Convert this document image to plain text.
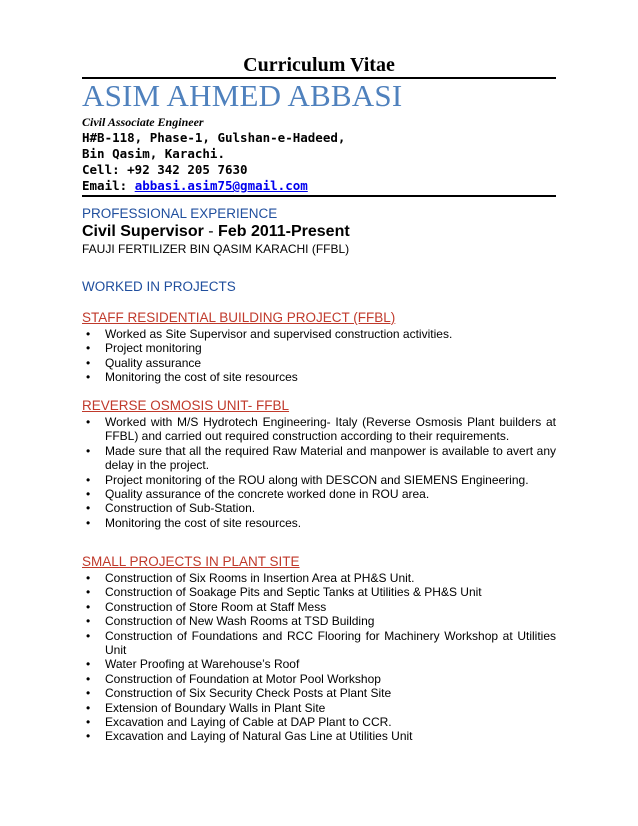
Curriculum Vitae
ASIM AHMED ABBASI
Civil Associate Engineer
H#B-118, Phase-1, Gulshan-e-Hadeed,
Bin Qasim, Karachi.
Cell: +92 342 205 7630
Email: abbasi.asim75@gmail.com
PROFESSIONAL EXPERIENCE
Civil Supervisor - Feb 2011-Present
FAUJI FERTILIZER BIN QASIM KARACHI (FFBL)
WORKED IN PROJECTS
STAFF RESIDENTIAL BUILDING PROJECT (FFBL)
• Worked as Site Supervisor and supervised construction activities.
• Project monitoring
• Quality assurance
• Monitoring the cost of site resources
REVERSE OSMOSIS UNIT- FFBL
• Worked with M/S Hydrotech Engineering- Italy (Reverse Osmosis Plant builders at FFBL) and carried out required construction according to their requirements.
• Made sure that all the required Raw Material and manpower is available to avert any delay in the project.
• Project monitoring of the ROU along with DESCON and SIEMENS Engineering.
• Quality assurance of the concrete worked done in ROU area.
• Construction of Sub-Station.
• Monitoring the cost of site resources.
SMALL PROJECTS IN PLANT SITE
• Construction of Six Rooms in Insertion Area at PH&S Unit.
• Construction of Soakage Pits and Septic Tanks at Utilities & PH&S Unit
• Construction of Store Room at Staff Mess
• Construction of New Wash Rooms at TSD Building
• Construction of Foundations and RCC Flooring for Machinery Workshop at Utilities Unit
• Water Proofing at Warehouse’s Roof
• Construction of Foundation at Motor Pool Workshop
• Construction of Six Security Check Posts at Plant Site
• Extension of Boundary Walls in Plant Site
• Excavation and Laying of Cable at DAP Plant to CCR.
• Excavation and Laying of Natural Gas Line at Utilities Unit
